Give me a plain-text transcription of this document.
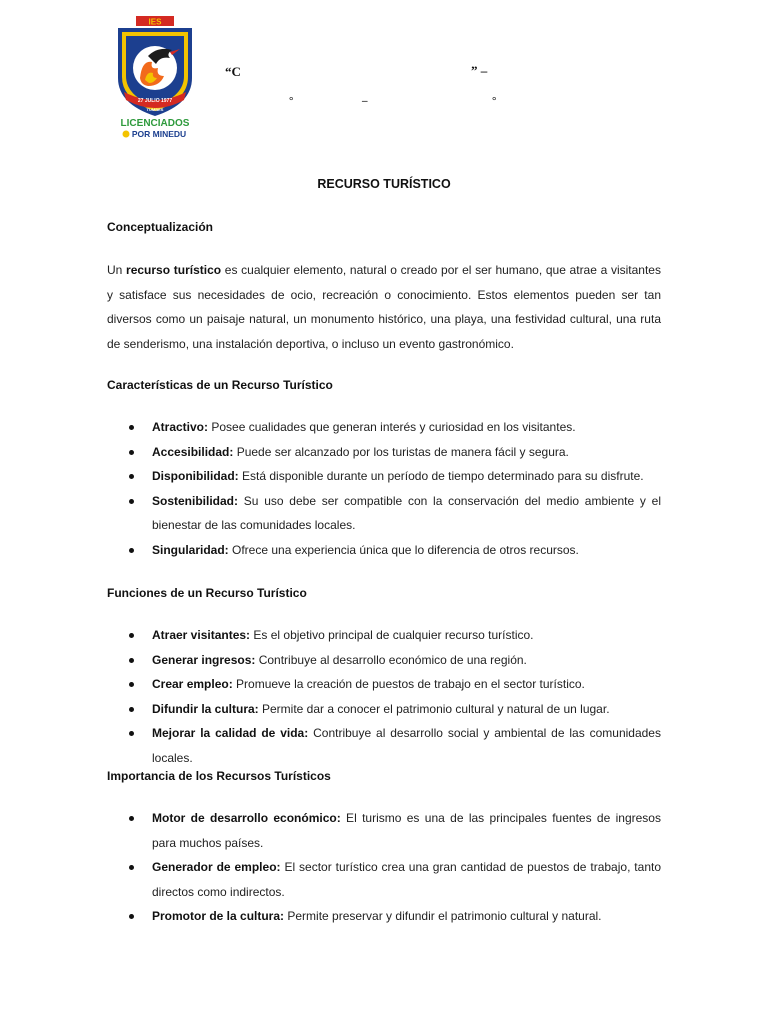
IES
27 JULIO 1977
TUMBES
LICENCIADOS
POR MINEDU
“C	” –
°	–	°
RECURSO TURÍSTICO
Conceptualización

Un recurso turístico es cualquier elemento, natural o creado por el ser humano, que atrae a visitantes y satisface sus necesidades de ocio, recreación o conocimiento. Estos elementos pueden ser tan diversos como un paisaje natural, un monumento histórico, una playa, una festividad cultural, una ruta de senderismo, una instalación deportiva, o incluso un evento gastronómico.

Características de un Recurso Turístico
Atractivo: Posee cualidades que generan interés y curiosidad en los visitantes.
Accesibilidad: Puede ser alcanzado por los turistas de manera fácil y segura.
Disponibilidad: Está disponible durante un período de tiempo determinado para su disfrute.
Sostenibilidad: Su uso debe ser compatible con la conservación del medio ambiente y el bienestar de las comunidades locales.
Singularidad: Ofrece una experiencia única que lo diferencia de otros recursos.
Funciones de un Recurso Turístico
Atraer visitantes: Es el objetivo principal de cualquier recurso turístico.
Generar ingresos: Contribuye al desarrollo económico de una región.
Crear empleo: Promueve la creación de puestos de trabajo en el sector turístico.
Difundir la cultura: Permite dar a conocer el patrimonio cultural y natural de un lugar.
Mejorar la calidad de vida: Contribuye al desarrollo social y ambiental de las comunidades locales.
Importancia de los Recursos Turísticos
Motor de desarrollo económico: El turismo es una de las principales fuentes de ingresos para muchos países.
Generador de empleo: El sector turístico crea una gran cantidad de puestos de trabajo, tanto directos como indirectos.
Promotor de la cultura: Permite preservar y difundir el patrimonio cultural y natural.
